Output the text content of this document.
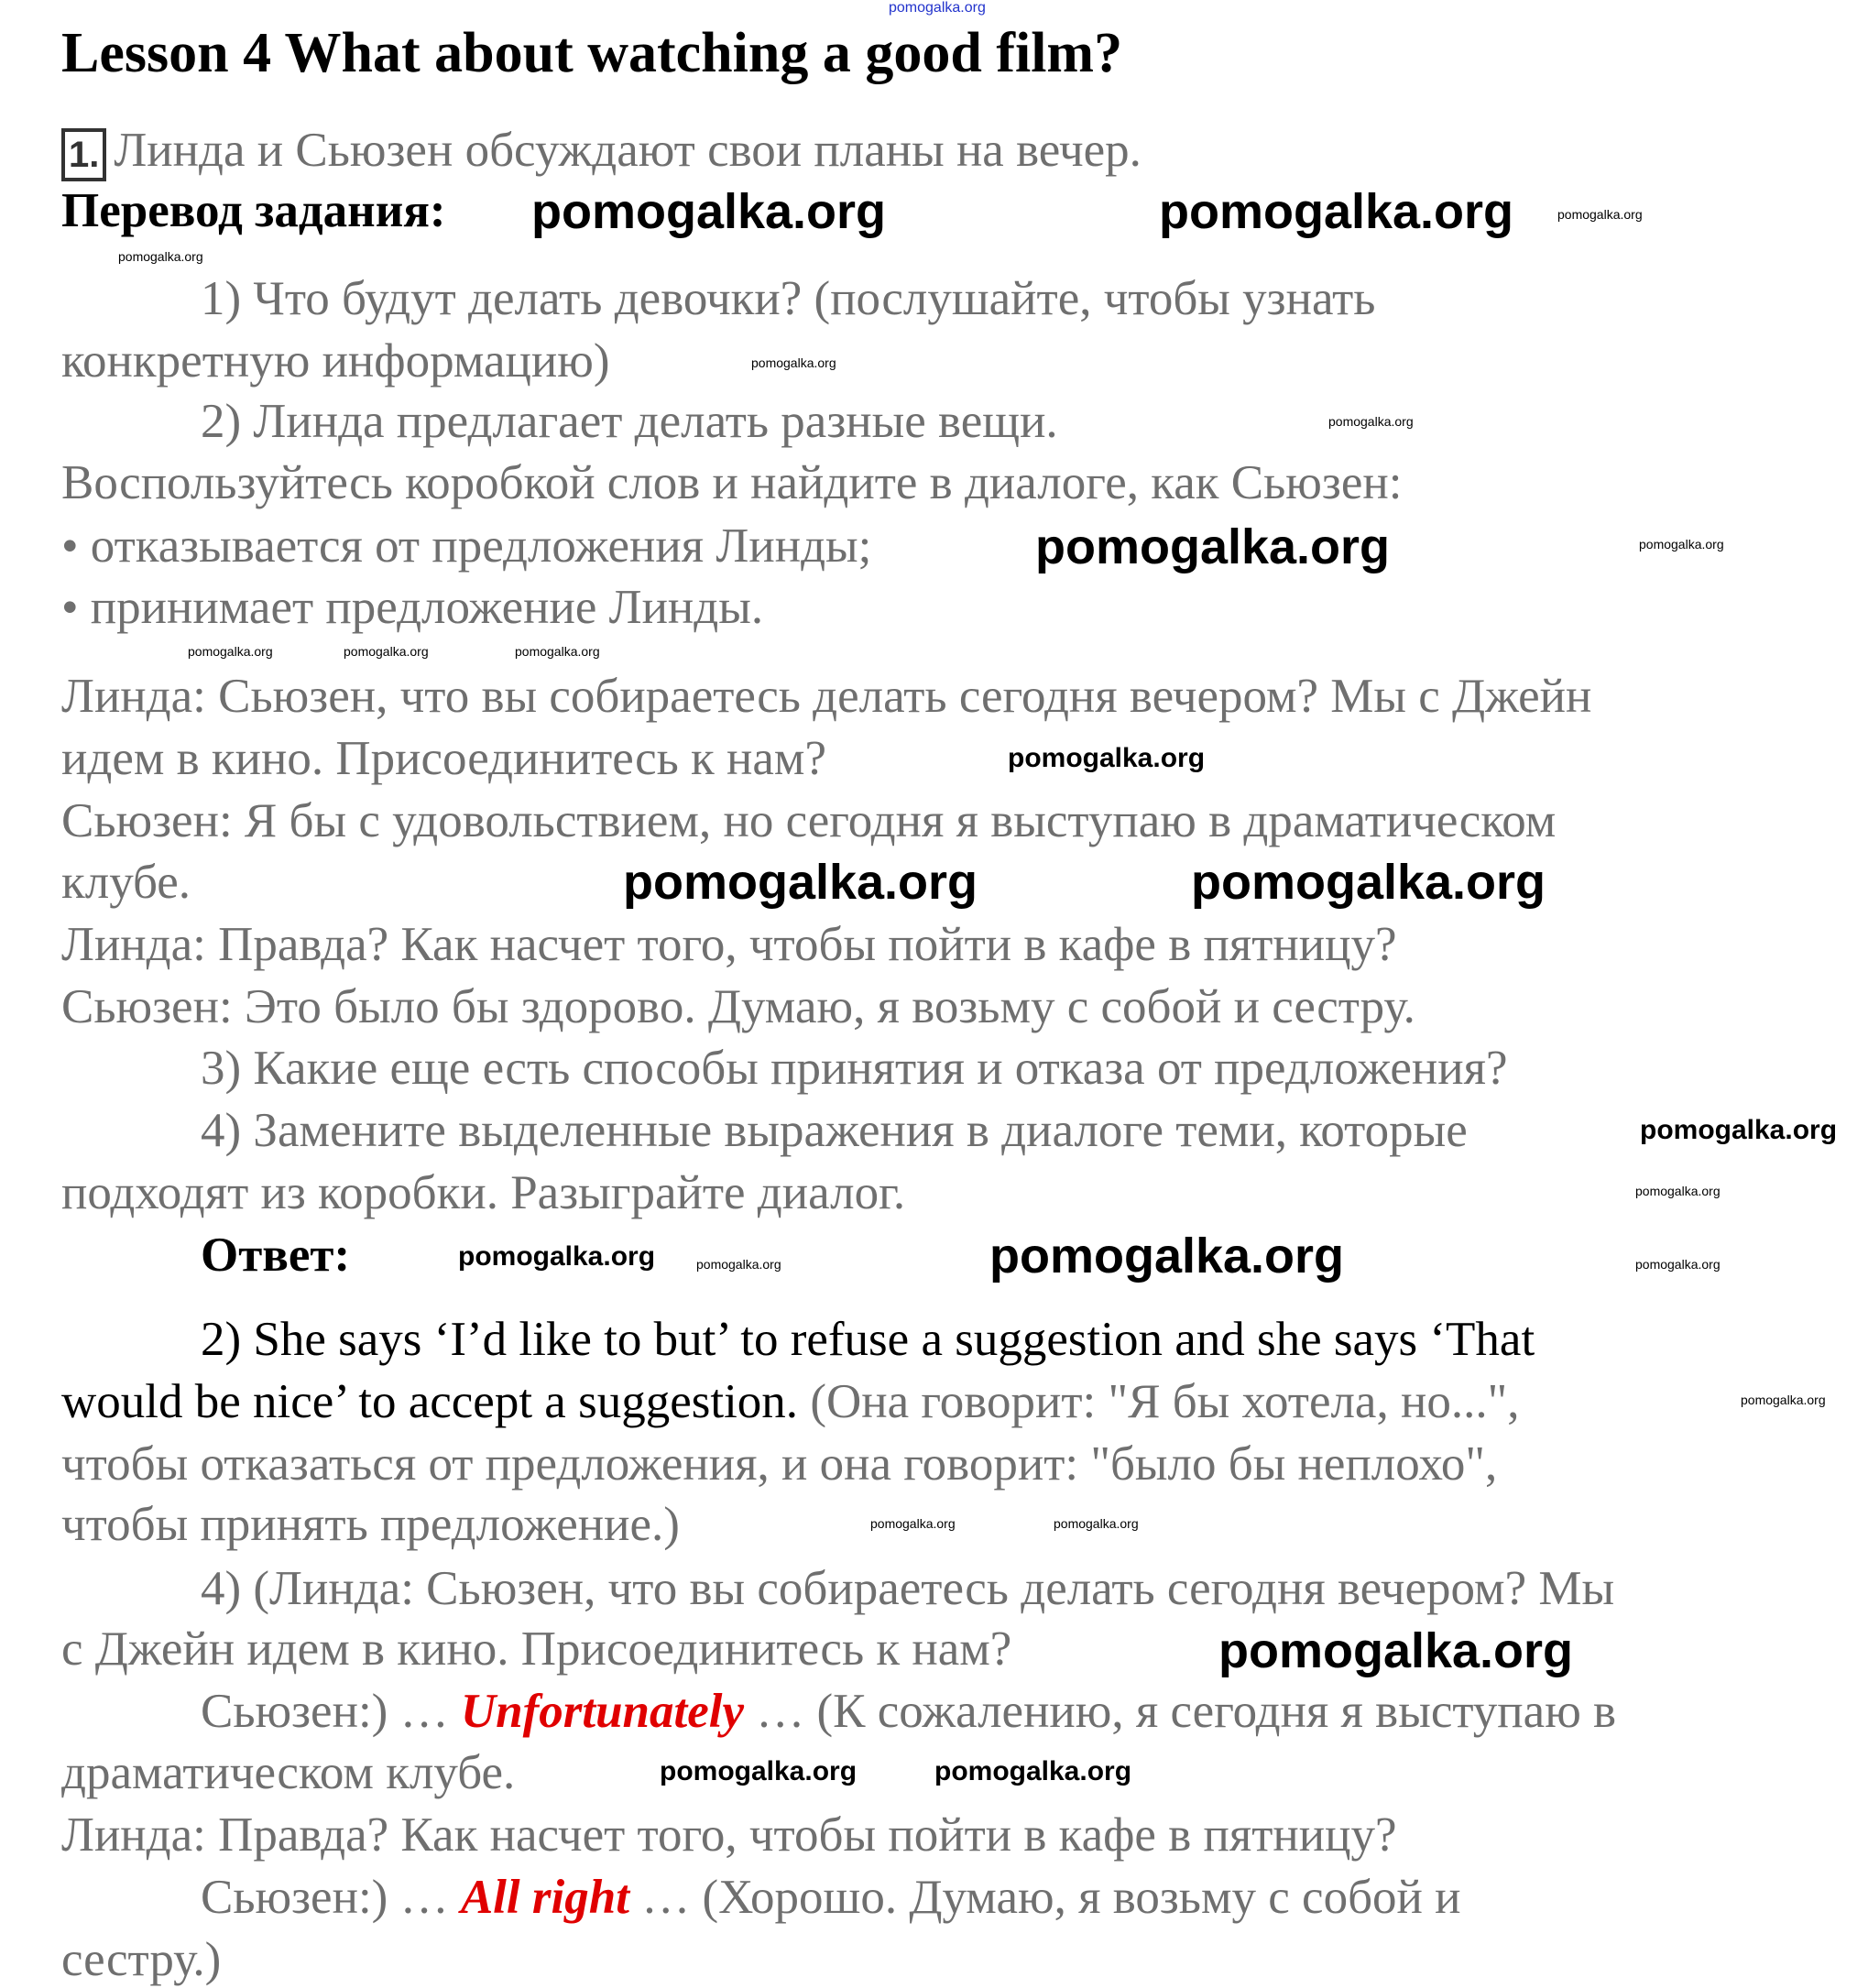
pomogalka.org
Lesson 4 What about watching a good film?
1. Линда и Сьюзен обсуждают свои планы на вечер.
Перевод задания:
1) Что будут делать девочки? (послушайте, чтобы узнать
конкретную информацию)
2) Линда предлагает делать разные вещи.
Воспользуйтесь коробкой слов и найдите в диалоге, как Сьюзен:
• отказывается от предложения Линды;
• принимает предложение Линды.
Линда: Сьюзен, что вы собираетесь делать сегодня вечером? Мы с Джейн
идем в кино. Присоединитесь к нам?
Сьюзен: Я бы с удовольствием, но сегодня я выступаю в драматическом
клубе.
Линда: Правда? Как насчет того, чтобы пойти в кафе в пятницу?
Сьюзен: Это было бы здорово. Думаю, я возьму с собой и сестру.
3) Какие еще есть способы принятия и отказа от предложения?
4) Замените выделенные выражения в диалоге теми, которые
подходят из коробки. Разыграйте диалог.
Ответ:
2) She says ‘I’d like to but’ to refuse a suggestion and she says ‘That
would be nice’ to accept a suggestion. (Она говорит: "Я бы хотела, но...",
чтобы отказаться от предложения, и она говорит: "было бы неплохо",
чтобы принять предложение.)
4) (Линда: Сьюзен, что вы собираетесь делать сегодня вечером? Мы
с Джейн идем в кино. Присоединитесь к нам?
Сьюзен:) … Unfortunately … (К сожалению, я сегодня я выступаю в
драматическом клубе.
Линда: Правда? Как насчет того, чтобы пойти в кафе в пятницу?
Сьюзен:) … All right … (Хорошо. Думаю, я возьму с собой и
сестру.)
pomogalka.org	pomogalka.org
pomogalka.org
pomogalka.org	pomogalka.org
pomogalka.org
pomogalka.org
pomogalka.org
pomogalka.org
pomogalka.org
pomogalka.org	pomogalka.org
pomogalka.org
pomogalka.org
pomogalka.org
pomogalka.org
pomogalka.org
pomogalka.org	pomogalka.org	pomogalka.org
pomogalka.org
pomogalka.org	pomogalka.org
pomogalka.org
pomogalka.org	pomogalka.org
